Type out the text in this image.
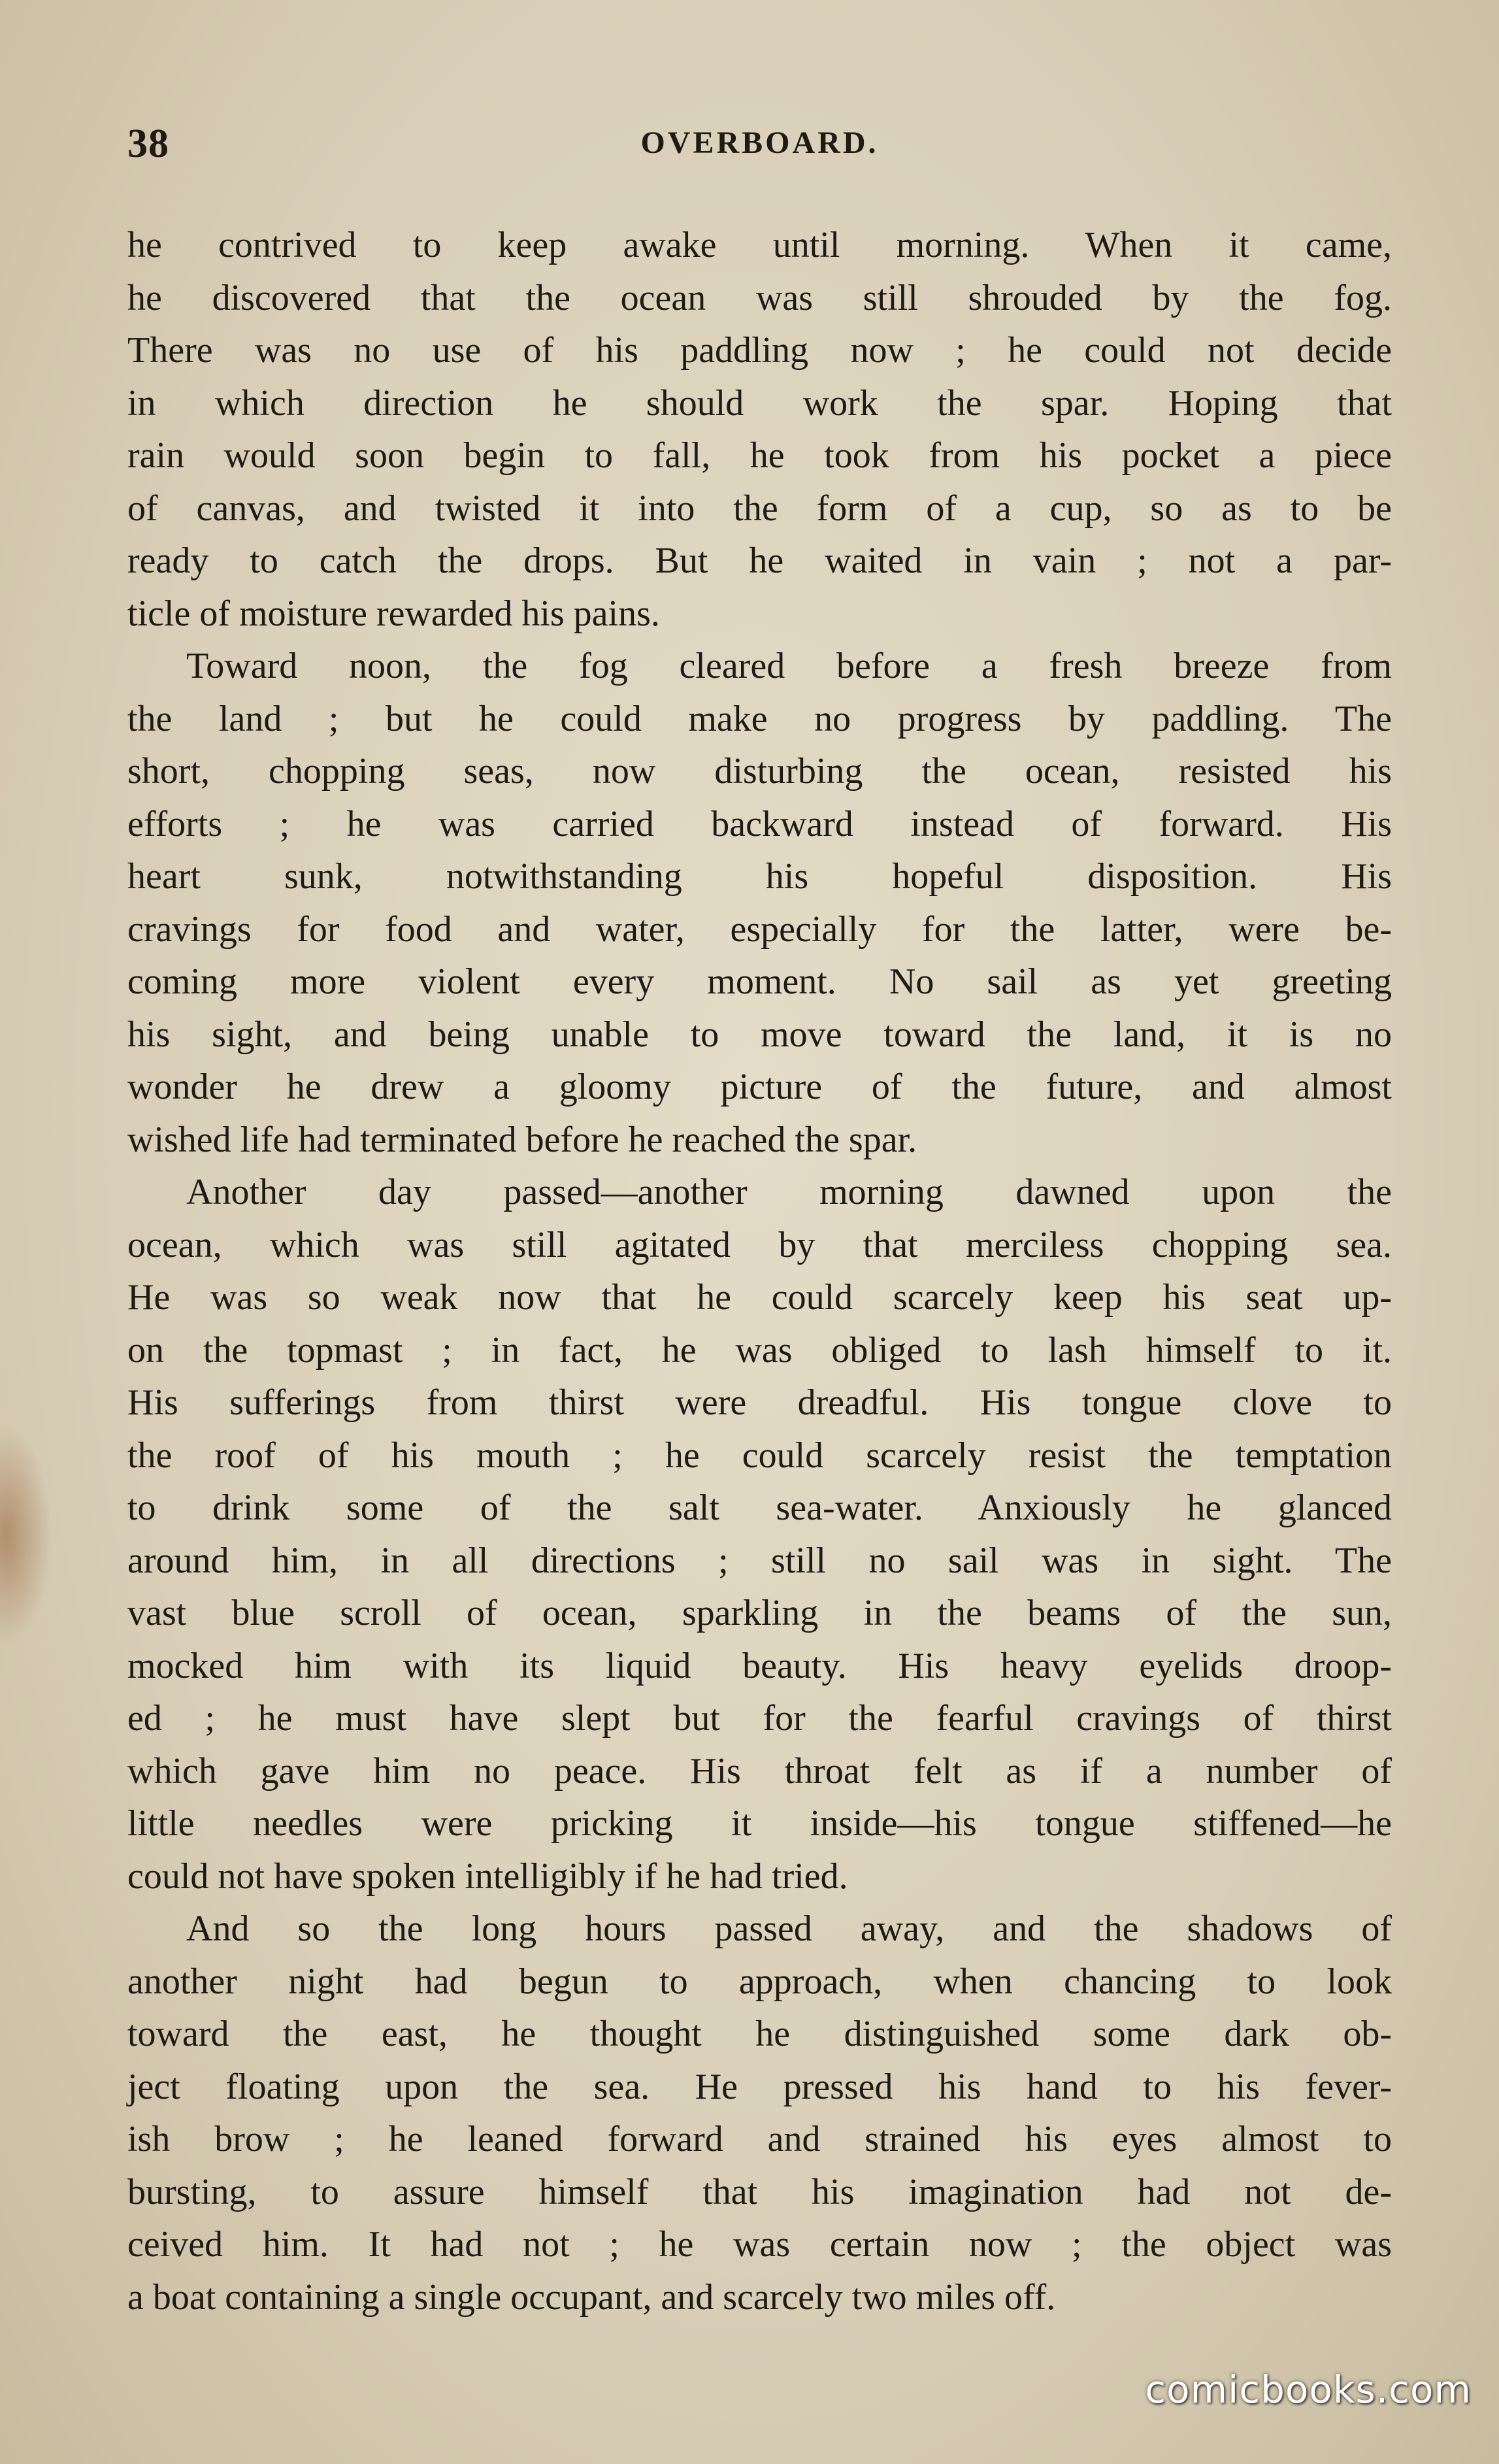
38	OVERBOARD.

he contrived to keep awake until morning. When it came,
he discovered that the ocean was still shrouded by the fog.
There was no use of his paddling now ; he could not decide
in which direction he should work the spar. Hoping that
rain would soon begin to fall, he took from his pocket a piece
of canvas, and twisted it into the form of a cup, so as to be
ready to catch the drops. But he waited in vain ; not a par-
ticle of moisture rewarded his pains.

Toward noon, the fog cleared before a fresh breeze from
the land ; but he could make no progress by paddling. The
short, chopping seas, now disturbing the ocean, resisted his
efforts ; he was carried backward instead of forward. His
heart sunk, notwithstanding his hopeful disposition. His
cravings for food and water, especially for the latter, were be-
coming more violent every moment. No sail as yet greeting
his sight, and being unable to move toward the land, it is no
wonder he drew a gloomy picture of the future, and almost
wished life had terminated before he reached the spar.

Another day passed—another morning dawned upon the
ocean, which was still agitated by that merciless chopping sea.
He was so weak now that he could scarcely keep his seat up-
on the topmast ; in fact, he was obliged to lash himself to it.
His sufferings from thirst were dreadful. His tongue clove to
the roof of his mouth ; he could scarcely resist the temptation
to drink some of the salt sea-water. Anxiously he glanced
around him, in all directions ; still no sail was in sight. The
vast blue scroll of ocean, sparkling in the beams of the sun,
mocked him with its liquid beauty. His heavy eyelids droop-
ed ; he must have slept but for the fearful cravings of thirst
which gave him no peace. His throat felt as if a number of
little needles were pricking it inside—his tongue stiffened—he
could not have spoken intelligibly if he had tried.

And so the long hours passed away, and the shadows of
another night had begun to approach, when chancing to look
toward the east, he thought he distinguished some dark ob-
ject floating upon the sea. He pressed his hand to his fever-
ish brow ; he leaned forward and strained his eyes almost to
bursting, to assure himself that his imagination had not de-
ceived him. It had not ; he was certain now ; the object was
a boat containing a single occupant, and scarcely two miles off.

comicbooks.com
